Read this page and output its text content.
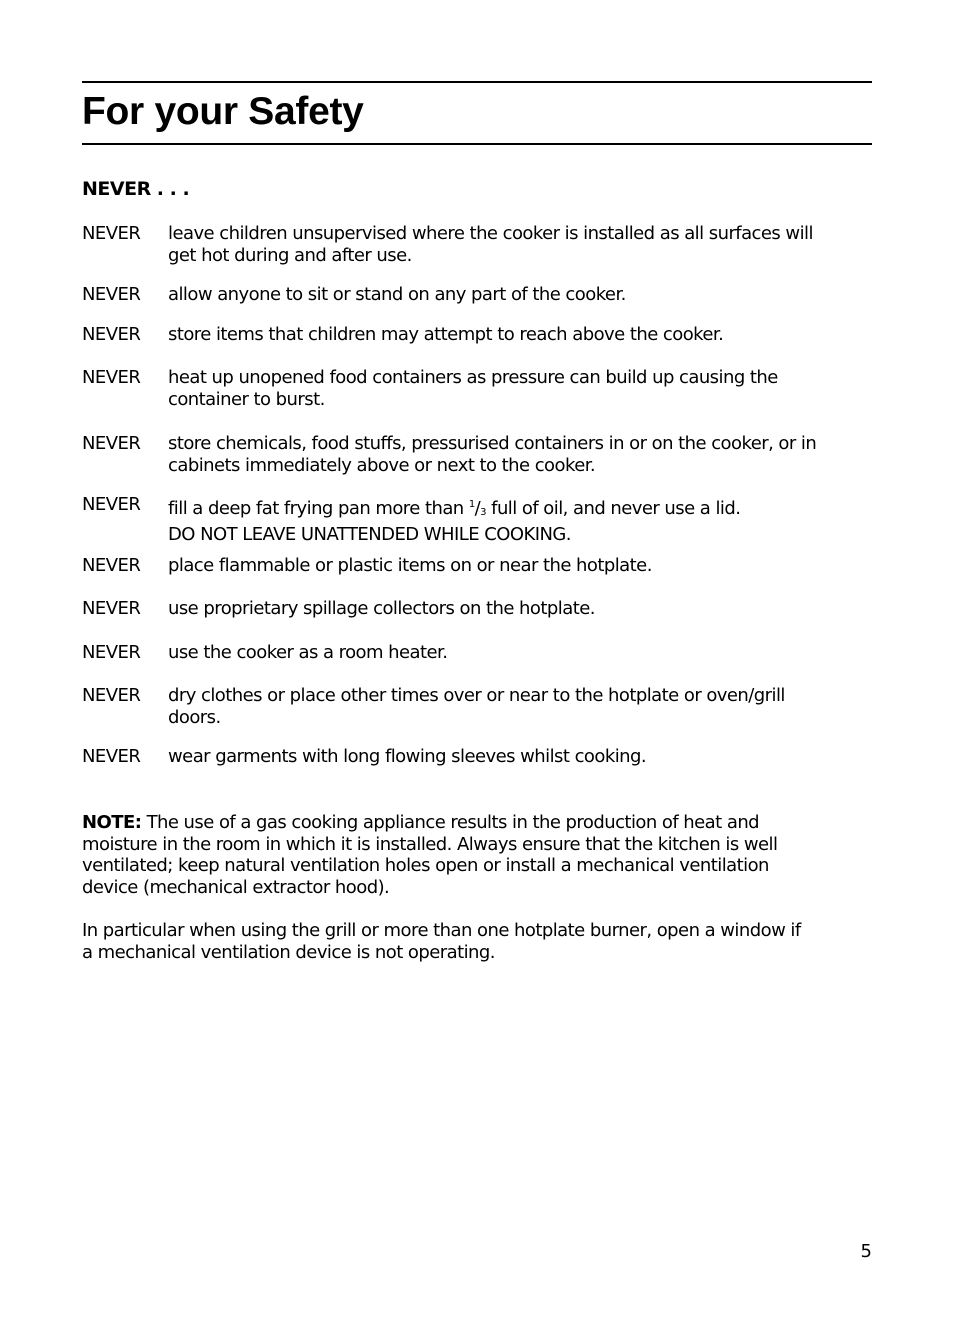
For your Safety
NEVER . . .
NEVER leave children unsupervised where the cooker is installed as all surfaces will
get hot during and after use.
NEVER allow anyone to sit or stand on any part of the cooker.
NEVER store items that children may attempt to reach above the cooker.
NEVER heat up unopened food containers as pressure can build up causing the
container to burst.
NEVER store chemicals, food stuffs, pressurised containers in or on the cooker, or in
cabinets immediately above or next to the cooker.
NEVER fill a deep fat frying pan more than $^1/_3$ full of oil, and never use a lid.
DO NOT LEAVE UNATTENDED WHILE COOKING.
NEVER place flammable or plastic items on or near the hotplate.
NEVER use proprietary spillage collectors on the hotplate.
NEVER use the cooker as a room heater.
NEVER dry clothes or place other times over or near to the hotplate or oven/grill
doors.
NEVER wear garments with long flowing sleeves whilst cooking.

NOTE: The use of a gas cooking appliance results in the production of heat and
moisture in the room in which it is installed. Always ensure that the kitchen is well
ventilated; keep natural ventilation holes open or install a mechanical ventilation
device (mechanical extractor hood).

In particular when using the grill or more than one hotplate burner, open a window if
a mechanical ventilation device is not operating.

5
